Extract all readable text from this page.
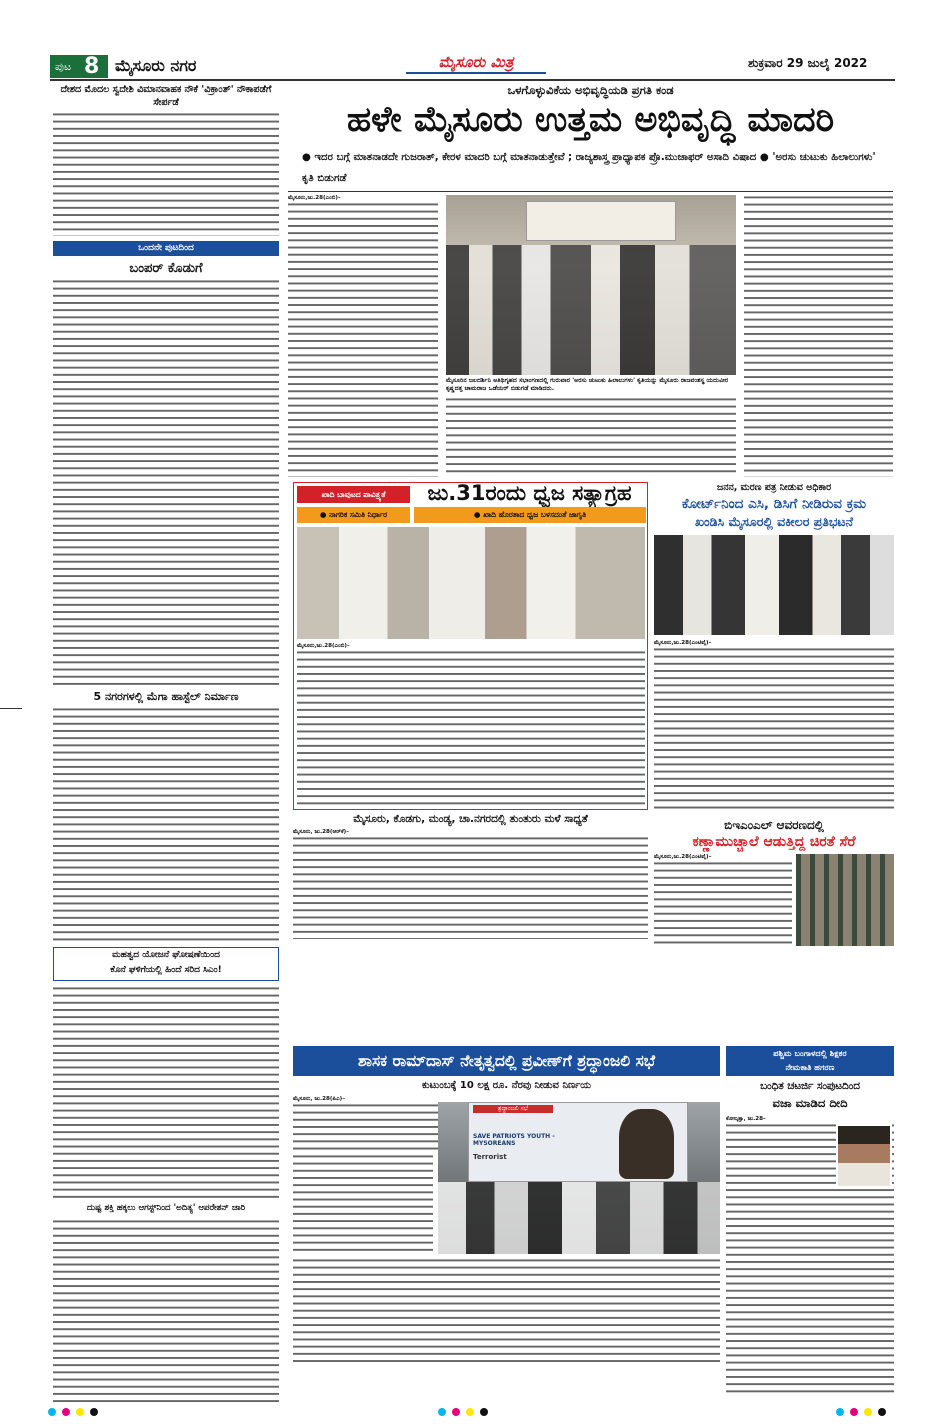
ಪುಟ 8 ಮೈಸೂರು ನಗರ	ಮೈಸೂರು ಮಿತ್ರ	ಶುಕ್ರವಾರ 29 ಜುಲೈ 2022
ದೇಶದ ಮೊದಲ ಸ್ವದೇಶಿ ವಿಮಾನವಾಹಕ ನೌಕೆ 'ವಿಕ್ರಾಂತ್' ನೌಕಾಪಡೆಗೆ ಸೇರ್ಪಡೆ
ಒಂದನೇ ಪುಟದಿಂದ
ಬಂಪರ್ ಕೊಡುಗೆ
5 ನಗರಗಳಲ್ಲಿ ಮೆಗಾ ಹಾಸ್ಟೆಲ್ ನಿರ್ಮಾಣ
ಮಹತ್ವದ ಯೋಜನೆ ಘೋಷಣೆಯಿಂದ
ಕೊನೆ ಘಳಿಗೆಯಲ್ಲಿ ಹಿಂದೆ ಸರಿದ ಸಿಎಂ!
ದುಷ್ಟ ಶಕ್ತಿ ಹಕ್ಕಲು ಆಗಸ್ಟ್‌ನಿಂದ 'ಅದಿತ್ಯ' ಆಪರೇಶನ್ ಜಾರಿ
ಒಳಗೊಳ್ಳುವಿಕೆಯ ಅಭಿವೃದ್ಧಿಯಡಿ ಪ್ರಗತಿ ಕಂಡ
ಹಳೇ ಮೈಸೂರು ಉತ್ತಮ ಅಭಿವೃದ್ಧಿ ಮಾದರಿ
● ಇದರ ಬಗ್ಗೆ ಮಾತನಾಡದೇ ಗುಜರಾತ್, ಕೇರಳ ಮಾದರಿ ಬಗ್ಗೆ ಮಾತನಾಡುತ್ತೇವೆ ; ರಾಜ್ಯಶಾಸ್ತ್ರ ಪ್ರಾಧ್ಯಾಪಕ ಪ್ರೊ.ಮುಜಾಫರ್ ಅಸಾದಿ ವಿಷಾದ ● 'ಅರಸು ಚುಟುಕು ಹಿಲಾಲುಗಳು' ಕೃತಿ ಬಿಡುಗಡೆ
ಮೈಸೂರು,ಜು.28(ಎಂಬಿ)–
ಮೈಸೂರಿನ ಜಲದರ್ಶಿನಿ ಅತಿಥಿಗೃಹದ ಸಭಾಂಗಣದಲ್ಲಿ ಗುರುವಾರ 'ಅರಸು ಚುಟುಕು ಹಿಲಾಲುಗಳು' ಕೃತಿಯನ್ನು ಮೈಸೂರು ರಾಜವಂಶಸ್ಥ ಯದುವೀರ ಕೃಷ್ಣದತ್ತ ಚಾಮರಾಜ ಒಡೆಯರ್ ಬಿಡುಗಡೆ ಮಾಡಿದರು.
ಖಾದಿ ಬಾವುಟದ ಪಾವಿತ್ರ್ಯತೆ	ಜು.31ರಂದು ಧ್ವಜ ಸತ್ಯಾಗ್ರಹ
● ನಾಗರಿಕ ಸಮಿತಿ ನಿರ್ಧಾರ	● ಖಾದಿ ಹೊರತಾದ ಧ್ವಜ ಬಳಸದಂತೆ ಜಾಗೃತಿ
ಮೈಸೂರು,ಜು.28(ಎಂಬಿ)–
ಜನನ, ಮರಣ ಪತ್ರ ನೀಡುವ ಅಧಿಕಾರ
ಕೋರ್ಟ್‌ನಿಂದ ಎಸಿ, ಡಿಸಿಗೆ ನೀಡಿರುವ ಕ್ರಮ
ಖಂಡಿಸಿ ಮೈಸೂರಲ್ಲಿ ವಕೀಲರ ಪ್ರತಿಭಟನೆ
ಮೈಸೂರು,ಜು.28(ಎಂಟಿವೈ)–
ಮೈಸೂರು, ಕೊಡಗು, ಮಂಡ್ಯ, ಚಾ.ನಗರದಲ್ಲಿ ತುಂತುರು ಮಳೆ ಸಾಧ್ಯತೆ
ಮೈಸೂರು, ಜು.28(ಆರ್‌ಕೆ)–	ಬಿಇಎಂಎಲ್ ಆವರಣದಲ್ಲಿ
ಕಣ್ಣಾಮುಚ್ಚಾಲೆ ಆಡುತ್ತಿದ್ದ ಚಿರತೆ ಸೆರೆ
ಮೈಸೂರು,ಜು.28(ಎಂಟಿವೈ)–
ಶಾಸಕ ರಾಮ್‌ದಾಸ್ ನೇತೃತ್ವದಲ್ಲಿ ಪ್ರವೀಣ್‌ಗೆ ಶ್ರದ್ಧಾಂಜಲಿ ಸಭೆ
ಕುಟುಂಬಕ್ಕೆ 10 ಲಕ್ಷ ರೂ. ನೆರವು ನೀಡುವ ನಿರ್ಣಯ
ಮೈಸೂರು, ಜು.28(ಪಿಎ)–
ಶ್ರದ್ಧಾಂಜಲಿ ಸಭೆ
SAVE PATRIOTS YOUTH - MYSOREANS
Terrorist
ಪಶ್ಚಿಮ ಬಂಗಾಳದಲ್ಲಿ ಶಿಕ್ಷಕರ
ನೇಮಕಾತಿ ಹಗರಣ
ಬಂಧಿತ ಚಟರ್ಜಿ ಸಂಪುಟದಿಂದ
ವಜಾ ಮಾಡಿದ ದೀದಿ
ಕೋಲ್ಕತ್ತಾ, ಜು.28–
